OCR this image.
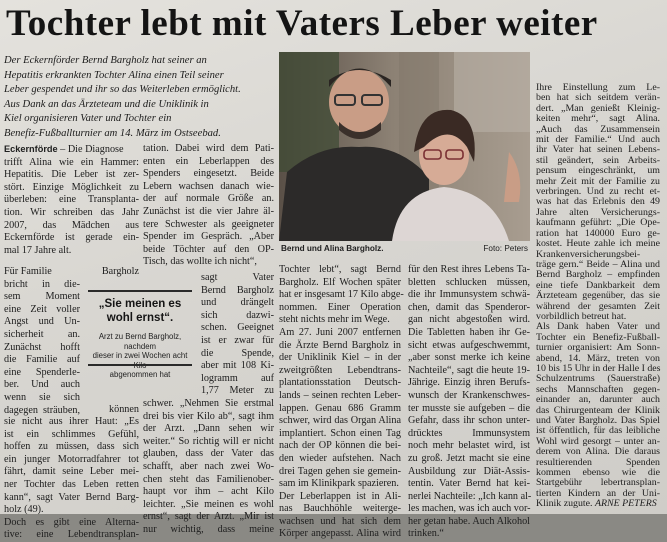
Tochter lebt mit Vaters Leber weiter
Der Eckernförder Bernd Bargholz hat seiner an
Hepatitis erkrankten Tochter Alina einen Teil seiner
Leber gespendet und ihr so das Weiterleben ermöglicht.
Aus Dank an das Ärzteteam und die Uniklinik in
Kiel organisieren Vater und Tochter ein
Benefiz-Fußballturnier am 14. März im Ostseebad.
Eckernförde – Die Diagnose
trifft Alina wie ein Hammer:
Hepatitis. Die Leber ist zer-
stört. Einzige Möglichkeit zu
überleben: eine Transplanta-
tion. Wir schreiben das Jahr
2007, das Mädchen aus
Eckernförde ist gerade ein-
mal 17 Jahre alt.
Für Familie
bricht in die-
sem Moment
eine Zeit voller
Angst und Un-
sicherheit an.
Zunächst hofft
die Familie auf
eine Spenderle-
ber. Und auch
wenn sie sich
dagegen sträuben,
Bargholz
können
sie nicht aus ihrer Haut: „Es
ist ein schlimmes Gefühl,
hoffen zu müssen, dass sich
ein junger Motorradfahrer tot
fährt, damit seine Leber mei-
ner Tochter das Leben retten
kann“, sagt Vater Bernd Barg-
holz (49).
Doch es gibt eine Alterna-
tive: eine Lebendtransplan-
„Sie meinen es
wohl ernst“.
Arzt zu Bernd Bargholz, nachdem
dieser in zwei Wochen acht
abgenommen hat
tation. Dabei wird dem Pati-
enten ein Leberlappen des
Spenders eingesetzt. Beide
Lebern wachsen danach wie-
der auf normale Größe an.
Zunächst ist die vier Jahre äl-
tere Schwester als geeigneter
Spender im Gespräch. „Aber
beide Töchter auf den OP-
Tisch, das wollte ich nicht“,
sagt Vater
Bernd Bargholz
und drängelt
sich dazwi-
schen. Geeignet
ist er zwar für
die Spende,
aber mit 108 Ki-
logramm auf
1,77 Meter zu
schwer. „Nehmen Sie erstmal
drei bis vier Kilo ab“, sagt ihm
der Arzt. „Dann sehen wir
weiter.“ So richtig will er nicht
glauben, dass der Vater das
schafft, aber nach zwei Wo-
chen steht das Familienober-
haupt vor ihm – acht Kilo
leichter. „Sie meinen es wohl
ernst“, sagt der Arzt. „Mir ist
nur wichtig, dass meine
Bernd und Alina Bargholz.	Foto: Peters
Tochter lebt“, sagt Bernd
Bargholz. Elf Wochen später
hat er insgesamt 17 Kilo abge-
nommen. Einer Operation
steht nichts mehr im Wege.
Am 27. Juni 2007 entfernen
die Ärzte Bernd Bargholz in
der Uniklinik Kiel – in der
zweitgrößten Lebendtrans-
plantationsstation Deutsch-
lands – seinen rechten Leber-
lappen. Genau 686 Gramm
schwer, wird das Organ Alina
implantiert. Schon einen Tag
nach der OP können die bei-
den wieder aufstehen. Nach
drei Tagen gehen sie gemein-
sam im Klinikpark spazieren.
Der Leberlappen ist in Ali-
nas Bauchhöhle weiterge-
wachsen und hat sich dem
Körper angepasst. Alina wird
für den Rest ihres Lebens Ta-
bletten schlucken müssen,
die ihr Immunsystem schwä-
chen, damit das Spenderor-
gan nicht abgestoßen wird.
Die Tabletten haben ihr Ge-
sicht etwas aufgeschwemmt,
„aber sonst merke ich keine
Nachteile“, sagt die heute 19-
Jährige. Einzig ihren Berufs-
wunsch der Krankenschwes-
ter musste sie aufgeben – die
Gefahr, dass ihr schon unter-
drücktes Immunsystem
noch mehr belastet wird, ist
zu groß. Jetzt macht sie eine
Ausbildung zur Diät-Assis-
tentin. Vater Bernd hat kei-
nerlei Nachteile: „Ich kann al-
les machen, was ich auch vor-
her getan habe. Auch Alkohol
trinken.“
Ihre Einstellung zum Le-
ben hat sich seitdem verän-
dert. „Man genießt Kleinig-
keiten mehr“, sagt Alina.
„Auch das Zusammensein
mit der Familie.“ Und auch
ihr Vater hat seinen Lebens-
stil geändert, sein Arbeits-
pensum eingeschränkt, um
mehr Zeit mit der Familie zu
verbringen. Und zu recht et-
was hat das Erlebnis den 49
Jahre alten Versicherungs-
kaufmann geführt: „Die Ope-
ration hat 140000 Euro ge-
kostet. Heute zahle ich meine
Krankenversicherungsbei-
träge gern.“ Beide – Alina und
Bernd Bargholz – empfinden
eine tiefe Dankbarkeit dem
Ärzteteam gegenüber, das sie
während der gesamten Zeit
vorbildlich betreut hat.
Als Dank haben Vater und
Tochter ein Benefiz-Fußball-
turnier organisiert: Am Sonn-
abend, 14. März, treten von
10 bis 15 Uhr in der Halle I des
Schulzentrums (Sauerstraße)
sechs Mannschaften gegen-
einander an, darunter auch
das Chirurgenteam der Klinik
und Vater Bargholz. Das Spiel
ist öffentlich, für das leibliche
Wohl wird gesorgt – unter an-
derem von Alina. Die daraus
resultierenden Spenden
kommen ebenso wie die
Startgebühr lebertransplan-
tierten Kindern an der Uni-
Klinik zugute. ARNE PETERS
